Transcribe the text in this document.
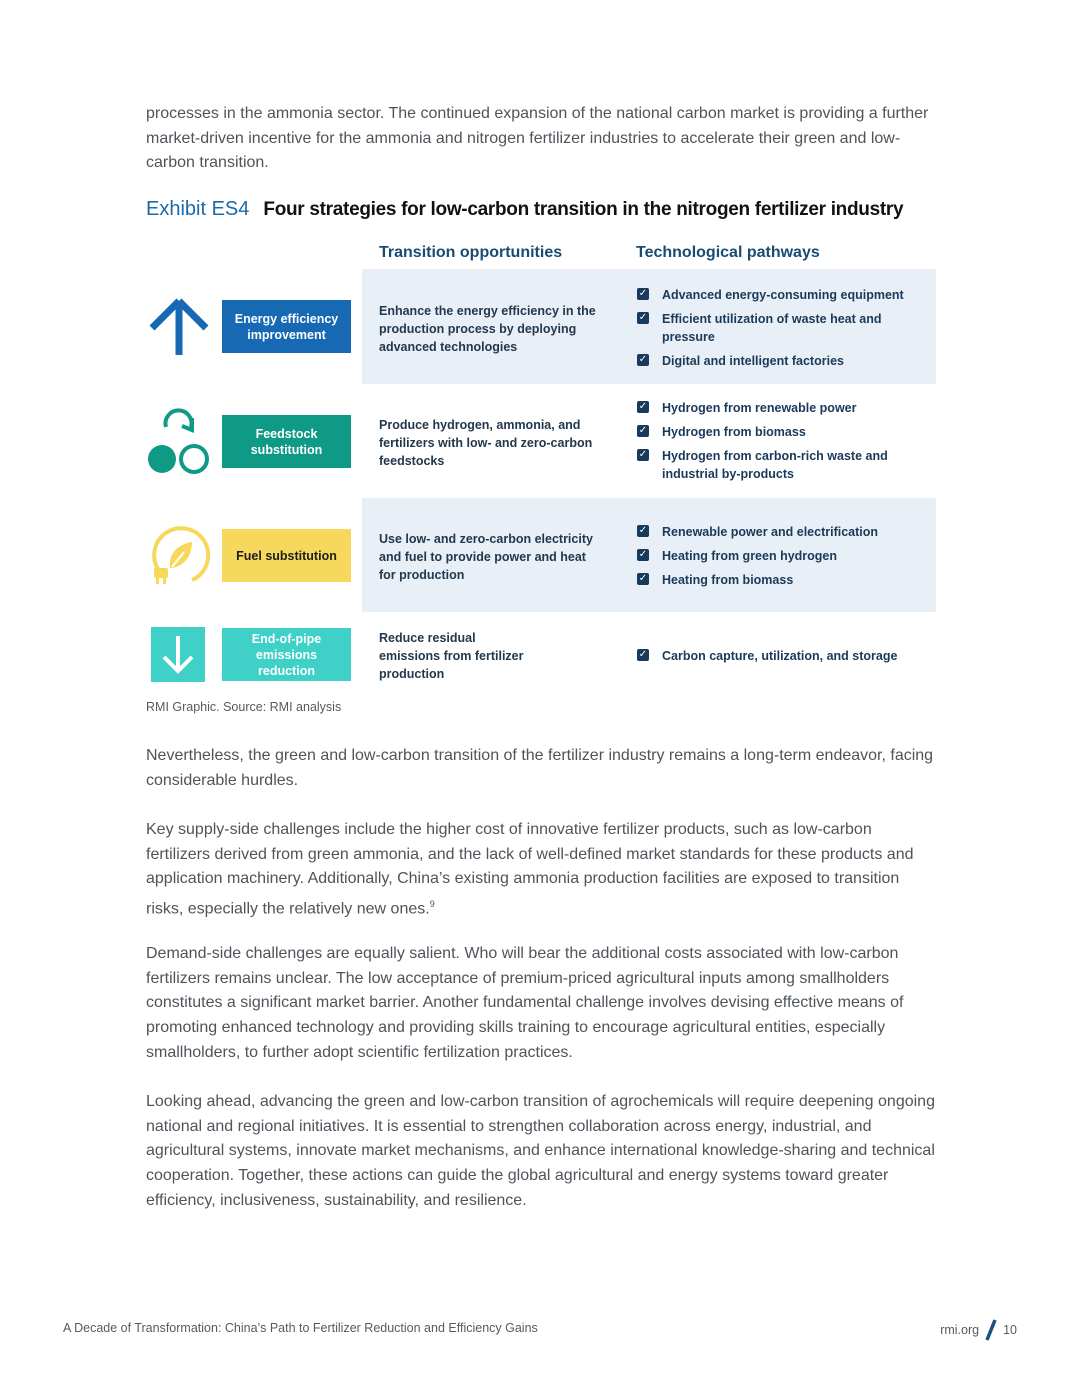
processes in the ammonia sector. The continued expansion of the national carbon market is providing a further market-driven incentive for the ammonia and nitrogen fertilizer industries to accelerate their green and low-carbon transition.

Exhibit ES4 Four strategies for low-carbon transition in the nitrogen fertilizer industry
Transition opportunities	Technological pathways
Energy efficiency improvement
Enhance the energy efficiency in the production process by deploying advanced technologies
✓ Advanced energy-consuming equipment
✓ Efficient utilization of waste heat and pressure
✓ Digital and intelligent factories
Feedstock substitution
Produce hydrogen, ammonia, and fertilizers with low- and zero-carbon feedstocks
✓ Hydrogen from renewable power
✓ Hydrogen from biomass
✓ Hydrogen from carbon-rich waste and industrial by-products
Fuel substitution
Use low- and zero-carbon electricity and fuel to provide power and heat for production
✓ Renewable power and electrification
✓ Heating from green hydrogen
✓ Heating from biomass
End-of-pipe emissions reduction
Reduce residual emissions from fertilizer production
✓ Carbon capture, utilization, and storage
RMI Graphic. Source: RMI analysis

Nevertheless, the green and low-carbon transition of the fertilizer industry remains a long-term endeavor, facing considerable hurdles.

Key supply-side challenges include the higher cost of innovative fertilizer products, such as low-carbon fertilizers derived from green ammonia, and the lack of well-defined market standards for these products and application machinery. Additionally, China’s existing ammonia production facilities are exposed to transition risks, especially the relatively new ones.$^9$

Demand-side challenges are equally salient. Who will bear the additional costs associated with low-carbon fertilizers remains unclear. The low acceptance of premium-priced agricultural inputs among smallholders constitutes a significant market barrier. Another fundamental challenge involves devising effective means of promoting enhanced technology and providing skills training to encourage agricultural entities, especially smallholders, to further adopt scientific fertilization practices.

Looking ahead, advancing the green and low-carbon transition of agrochemicals will require deepening ongoing national and regional initiatives. It is essential to strengthen collaboration across energy, industrial, and agricultural systems, innovate market mechanisms, and enhance international knowledge-sharing and technical cooperation. Together, these actions can guide the global agricultural and energy systems toward greater efficiency, inclusiveness, sustainability, and resilience.

A Decade of Transformation: China’s Path to Fertilizer Reduction and Efficiency Gains	rmi.org 10
